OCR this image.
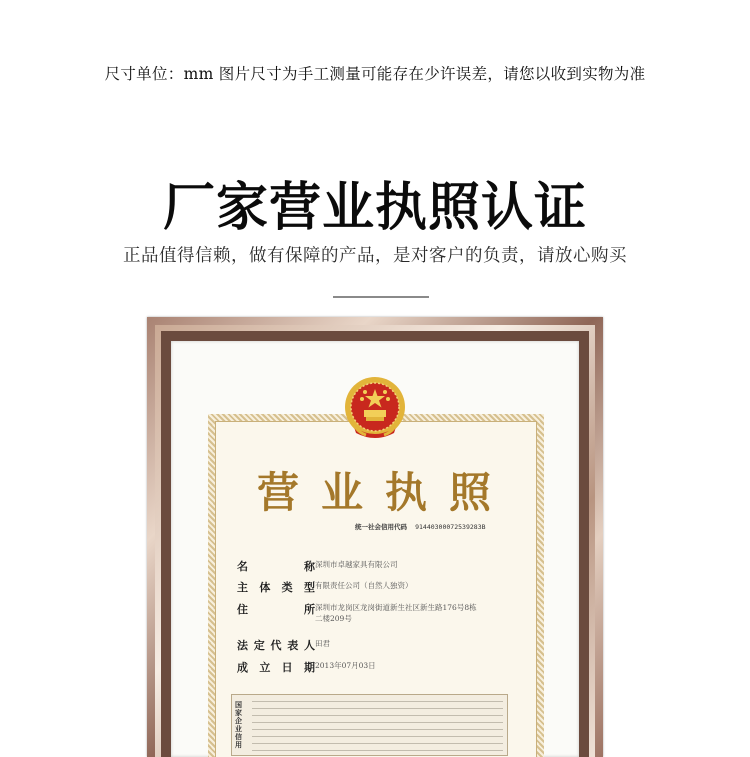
尺寸单位：mm 图片尺寸为手工测量可能存在少许误差，请您以收到实物为准
厂家营业执照认证
正品值得信赖，做有保障的产品，是对客户的负责，请放心购买
营业执照
统一社会信用代码 91440300072539283B
名	称 深圳市卓越家具有限公司
主 体 类 型 有限责任公司（自然人独资）
住	所 深圳市龙岗区龙岗街道新生社区新生路176号8栋二楼209号
法 定 代 表 人 田君
成 立 日 期 2013年07月03日
国家企业信用
